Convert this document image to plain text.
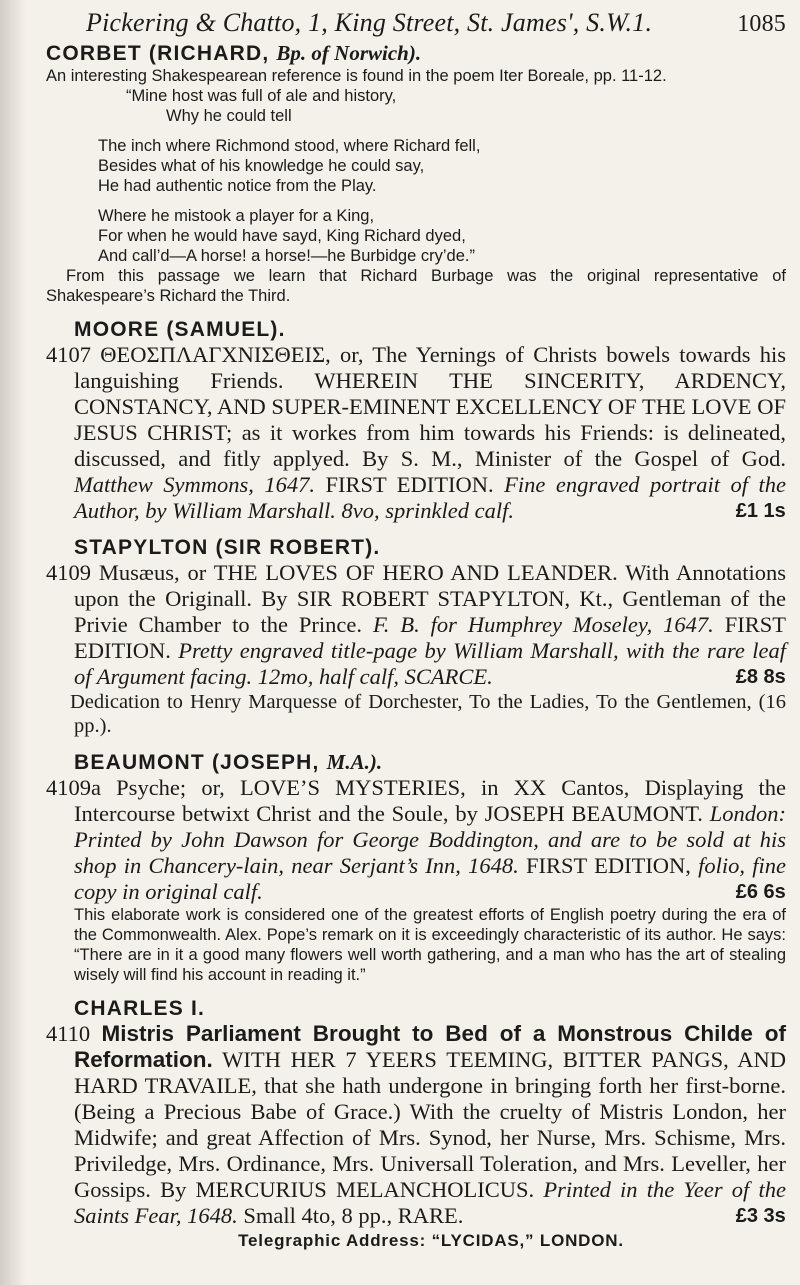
Pickering & Chatto, 1, King Street, St. James', S.W.1.	1085

CORBET (RICHARD, Bp. of Norwich).

An interesting Shakespearean reference is found in the poem Iter Boreale, pp. 11-12.

“Mine host was full of ale and history,
Why he could tell
The inch where Richmond stood, where Richard fell,
Besides what of his knowledge he could say,
He had authentic notice from the Play.
Where he mistook a player for a King,
For when he would have sayd, King Richard dyed,
And call’d—A horse! a horse!—he Burbidge cry’de.”

From this passage we learn that Richard Burbage was the original representative of Shakespeare’s Richard the Third.

MOORE (SAMUEL).

4107 ΘΕΟΣΠΛΑΓΧΝΙΣΘΕΙΣ, or, The Yernings of Christs bowels towards his languishing Friends. WHEREIN THE SINCERITY, ARDENCY, CONSTANCY, AND SUPER-EMINENT EXCELLENCY OF THE LOVE OF JESUS CHRIST; as it workes from him towards his Friends: is delineated, discussed, and fitly applyed. By S. M., Minister of the Gospel of God. Matthew Symmons, 1647. FIRST EDITION. Fine engraved portrait of the Author, by William Marshall. 8vo, sprinkled calf.	£1 1s

STAPYLTON (SIR ROBERT).

4109 Musæus, or THE LOVES OF HERO AND LEANDER. With Annotations upon the Originall. By SIR ROBERT STAPYLTON, Kt., Gentleman of the Privie Chamber to the Prince. F. B. for Humphrey Moseley, 1647. FIRST EDITION. Pretty engraved title-page by William Marshall, with the rare leaf of Argument facing. 12mo, half calf, SCARCE.	£8 8s

Dedication to Henry Marquesse of Dorchester, To the Ladies, To the Gentlemen, (16 pp.).

BEAUMONT (JOSEPH, M.A.).

4109a Psyche; or, LOVE’S MYSTERIES, in XX Cantos, Displaying the Intercourse betwixt Christ and the Soule, by JOSEPH BEAUMONT. London: Printed by John Dawson for George Boddington, and are to be sold at his shop in Chancery-lain, near Serjant’s Inn, 1648. FIRST EDITION, folio, fine copy in original calf.	£6 6s

This elaborate work is considered one of the greatest efforts of English poetry during the era of the Commonwealth. Alex. Pope’s remark on it is exceedingly characteristic of its author. He says: “There are in it a good many flowers well worth gathering, and a man who has the art of stealing wisely will find his account in reading it.”

CHARLES I.

4110 Mistris Parliament Brought to Bed of a Monstrous Childe of Reformation. WITH HER 7 YEERS TEEMING, BITTER PANGS, AND HARD TRAVAILE, that she hath undergone in bringing forth her first-borne. (Being a Precious Babe of Grace.) With the cruelty of Mistris London, her Midwife; and great Affection of Mrs. Synod, her Nurse, Mrs. Schisme, Mrs. Priviledge, Mrs. Ordinance, Mrs. Universall Toleration, and Mrs. Leveller, her Gossips. By MERCURIUS MELANCHOLICUS. Printed in the Yeer of the Saints Fear, 1648. Small 4to, 8 pp., RARE.	£3 3s

Telegraphic Address: “LYCIDAS,” LONDON.
